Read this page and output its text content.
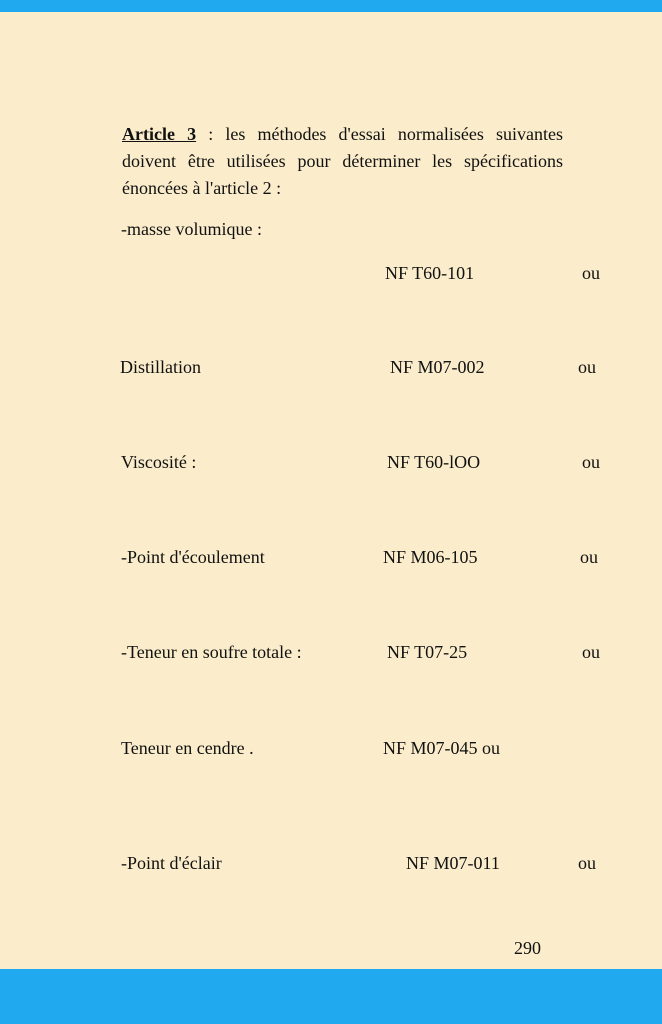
Article 3 : les méthodes d'essai normalisées suivantes doivent être utilisées pour déterminer les spécifications énoncées à l'article 2 :
-masse volumique :
NF T60-101	ou
Distillation	NF M07-002	ou
Viscosité :	NF T60-lOO	ou
-Point d'écoulement	NF M06-105	ou
-Teneur en soufre totale :	NF T07-25	ou
Teneur en cendre .	NF M07-045 ou
-Point d'éclair	NF M07-011	ou
290
